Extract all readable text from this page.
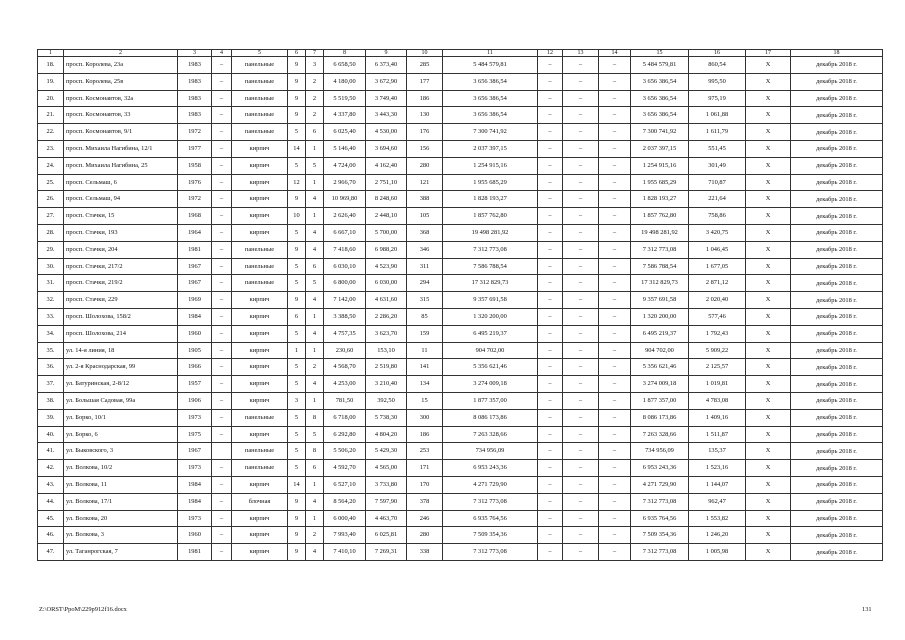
1	2	3	4	5	6	7	8	9	10	11	12	13	14	15	16	17	18
18.	просп. Королева, 23а	1983	–	панельные	9	3	6 658,50	6 373,40	285	5 484 579,81	–	–	–	5 484 579,81	860,54	X	декабрь 2018 г.
19.	просп. Королева, 25в	1983	–	панельные	9	2	4 180,00	3 672,90	177	3 656 386,54	–	–	–	3 656 386,54	995,50	X	декабрь 2018 г.
20.	просп. Космонавтов, 32а	1983	–	панельные	9	2	5 519,50	3 749,40	186	3 656 386,54	–	–	–	3 656 386,54	975,19	X	декабрь 2018 г.
21.	просп. Космонавтов, 33	1983	–	панельные	9	2	4 337,80	3 443,30	130	3 656 386,54	–	–	–	3 656 386,54	1 061,88	X	декабрь 2018 г.
22.	просп. Космонавтов, 9/1	1972	–	панельные	5	6	6 025,40	4 530,00	176	7 300 741,92	–	–	–	7 300 741,92	1 611,79	X	декабрь 2018 г.
23.	просп. Михаила Нагибина, 12/1	1977	–	кирпич	14	1	5 146,40	3 694,60	156	2 037 397,15	–	–	–	2 037 397,15	551,45	X	декабрь 2018 г.
24.	просп. Михаила Нагибина, 25	1958	–	кирпич	5	5	4 724,00	4 162,40	280	1 254 915,16	–	–	–	1 254 915,16	301,49	X	декабрь 2018 г.
25.	просп. Сельмаш, 6	1976	–	кирпич	12	1	2 966,70	2 751,10	121	1 955 685,29	–	–	–	1 955 685,29	710,87	X	декабрь 2018 г.
26.	просп. Сельмаш, 94	1972	–	кирпич	9	4	10 969,80	8 248,60	388	1 828 193,27	–	–	–	1 828 193,27	221,64	X	декабрь 2018 г.
27.	просп. Стачки, 15	1968	–	кирпич	10	1	2 626,40	2 448,10	105	1 857 762,80	–	–	–	1 857 762,80	758,86	X	декабрь 2018 г.
28.	просп. Стачки, 193	1964	–	кирпич	5	4	6 667,10	5 700,00	368	19 498 281,92	–	–	–	19 498 281,92	3 420,75	X	декабрь 2018 г.
29.	просп. Стачки, 204	1981	–	панельные	9	4	7 418,60	6 988,20	346	7 312 773,08	–	–	–	7 312 773,08	1 046,45	X	декабрь 2018 г.
30.	просп. Стачки, 217/2	1967	–	панельные	5	6	6 030,10	4 523,90	311	7 586 788,54	–	–	–	7 586 788,54	1 677,05	X	декабрь 2018 г.
31.	просп. Стачки, 219/2	1967	–	панельные	5	5	6 800,00	6 030,00	294	17 312 829,73	–	–	–	17 312 829,73	2 871,12	X	декабрь 2018 г.
32.	просп. Стачки, 229	1969	–	кирпич	9	4	7 142,00	4 631,60	315	9 357 691,58	–	–	–	9 357 691,58	2 020,40	X	декабрь 2018 г.
33.	просп. Шолохова, 158/2	1984	–	кирпич	6	1	3 388,50	2 286,20	85	1 320 200,00	–	–	–	1 320 200,00	577,46	X	декабрь 2018 г.
34.	просп. Шолохова, 214	1960	–	кирпич	5	4	4 757,35	3 623,70	159	6 495 219,37	–	–	–	6 495 219,37	1 792,43	X	декабрь 2018 г.
35.	ул. 14-я линия, 18	1905	–	кирпич	1	1	230,60	153,10	11	904 702,00	–	–	–	904 702,00	5 909,22	X	декабрь 2018 г.
36.	ул. 2-я Краснодарская, 99	1966	–	кирпич	5	2	4 568,70	2 519,80	141	5 356 621,46	–	–	–	5 356 621,46	2 125,57	X	декабрь 2018 г.
37.	ул. Батуринская, 2-8/12	1957	–	кирпич	5	4	4 253,00	3 210,40	134	3 274 009,18	–	–	–	3 274 009,18	1 019,81	X	декабрь 2018 г.
38.	ул. Большая Садовая, 99а	1906	–	кирпич	3	1	781,50	392,50	15	1 877 357,00	–	–	–	1 877 357,00	4 783,08	X	декабрь 2018 г.
39.	ул. Борко, 10/1	1973	–	панельные	5	8	6 718,00	5 738,30	300	8 086 173,86	–	–	–	8 086 173,86	1 409,16	X	декабрь 2018 г.
40.	ул. Борко, 6	1975	–	кирпич	5	5	6 292,80	4 804,20	186	7 263 328,66	–	–	–	7 263 328,66	1 511,87	X	декабрь 2018 г.
41.	ул. Быковского, 3	1967		панельные	5	8	5 506,20	5 429,30	253	734 956,09	–	–	–	734 956,09	135,37	X	декабрь 2018 г.
42.	ул. Волкова, 10/2	1973	–	панельные	5	6	4 592,70	4 565,00	171	6 953 243,36	–	–	–	6 953 243,36	1 523,16	X	декабрь 2018 г.
43.	ул. Волкова, 11	1984	–	кирпич	14	1	6 527,10	3 733,80	170	4 271 729,90	–	–	–	4 271 729,90	1 144,07	X	декабрь 2018 г.
44.	ул. Волкова, 17/1	1984	–	блочная	9	4	8 564,20	7 597,90	378	7 312 773,08	–	–	–	7 312 773,08	962,47	X	декабрь 2018 г.
45.	ул. Волкова, 20	1973	–	кирпич	9	1	6 000,40	4 463,70	246	6 935 764,56	–	–	–	6 935 764,56	1 553,82	X	декабрь 2018 г.
46.	ул. Волкова, 3	1960	–	кирпич	9	2	7 993,40	6 025,81	280	7 509 354,36	–	–	–	7 509 354,36	1 246,20	X	декабрь 2018 г.
47.	ул. Таганрогская, 7	1981	–	кирпич	9	4	7 410,10	7 269,31	338	7 312 773,08	–	–	–	7 312 773,08	1 005,98	X	декабрь 2018 г.
Z:\ORST\PpoM\229p912f16.docx	131
